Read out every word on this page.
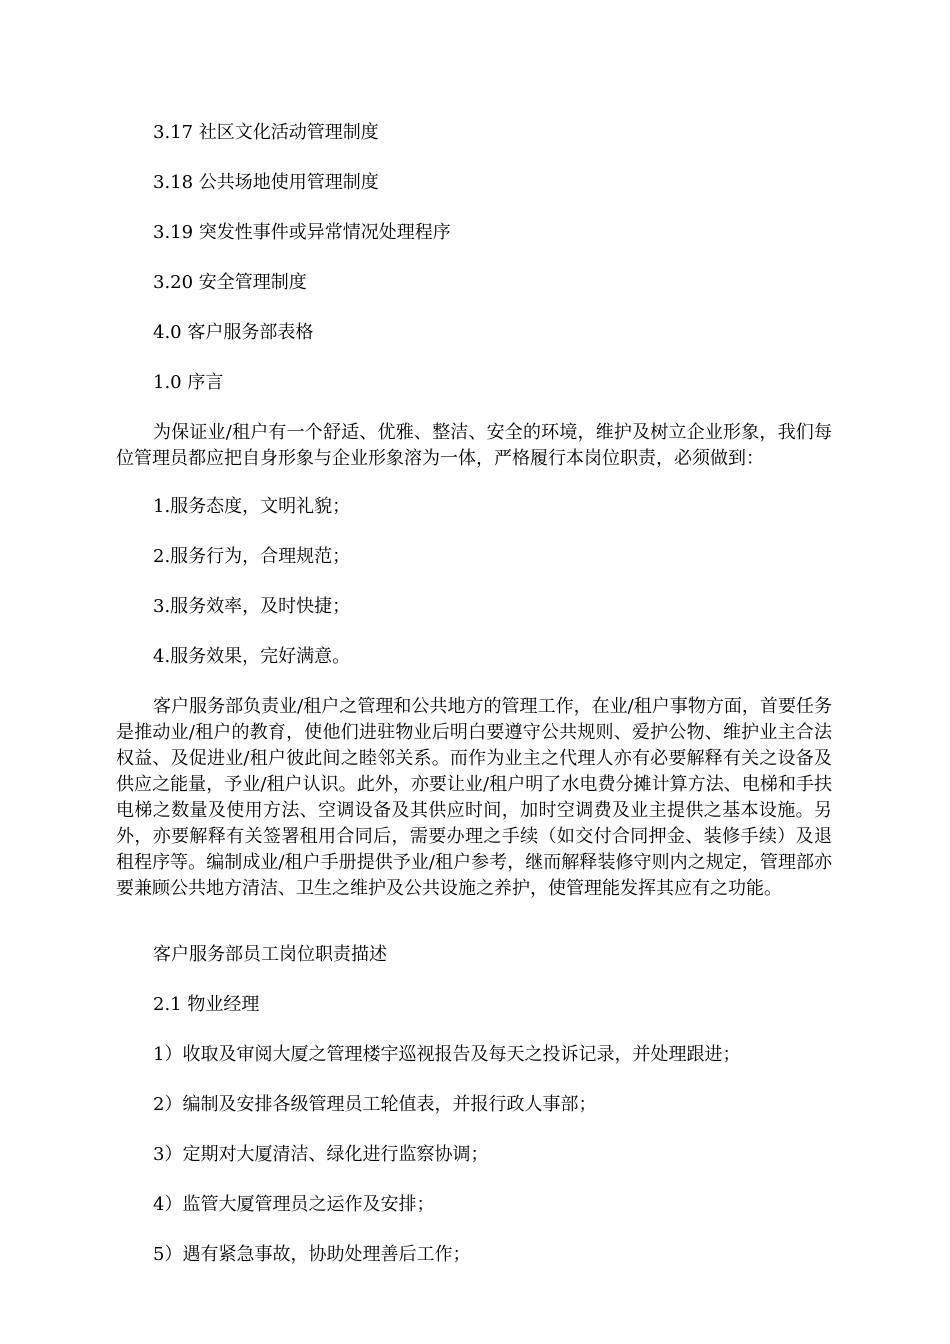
3.17 社区文化活动管理制度
3.18 公共场地使用管理制度
3.19 突发性事件或异常情况处理程序
3.20 安全管理制度
4.0 客户服务部表格
1.0 序言
为保证业/租户有一个舒适、优雅、整洁、安全的环境，维护及树立企业形象，我们每位管理员都应把自身形象与企业形象溶为一体，严格履行本岗位职责，必须做到：
1.服务态度，文明礼貌；
2.服务行为，合理规范；
3.服务效率，及时快捷；
4.服务效果，完好满意。
客户服务部负责业/租户之管理和公共地方的管理工作，在业/租户事物方面，首要任务是推动业/租户的教育，使他们进驻物业后明白要遵守公共规则、爱护公物、维护业主合法权益、及促进业/租户彼此间之睦邻关系。而作为业主之代理人亦有必要解释有关之设备及供应之能量，予业/租户认识。此外，亦要让业/租户明了水电费分摊计算方法、电梯和手扶电梯之数量及使用方法、空调设备及其供应时间，加时空调费及业主提供之基本设施。另外，亦要解释有关签署租用合同后，需要办理之手续（如交付合同押金、装修手续）及退租程序等。编制成业/租户手册提供予业/租户参考，继而解释装修守则内之规定，管理部亦要兼顾公共地方清洁、卫生之维护及公共设施之养护，使管理能发挥其应有之功能。
客户服务部员工岗位职责描述
2.1 物业经理
1）收取及审阅大厦之管理楼宇巡视报告及每天之投诉记录，并处理跟进；
2）编制及安排各级管理员工轮值表，并报行政人事部；
3）定期对大厦清洁、绿化进行监察协调；
4）监管大厦管理员之运作及安排；
5）遇有紧急事故，协助处理善后工作；
